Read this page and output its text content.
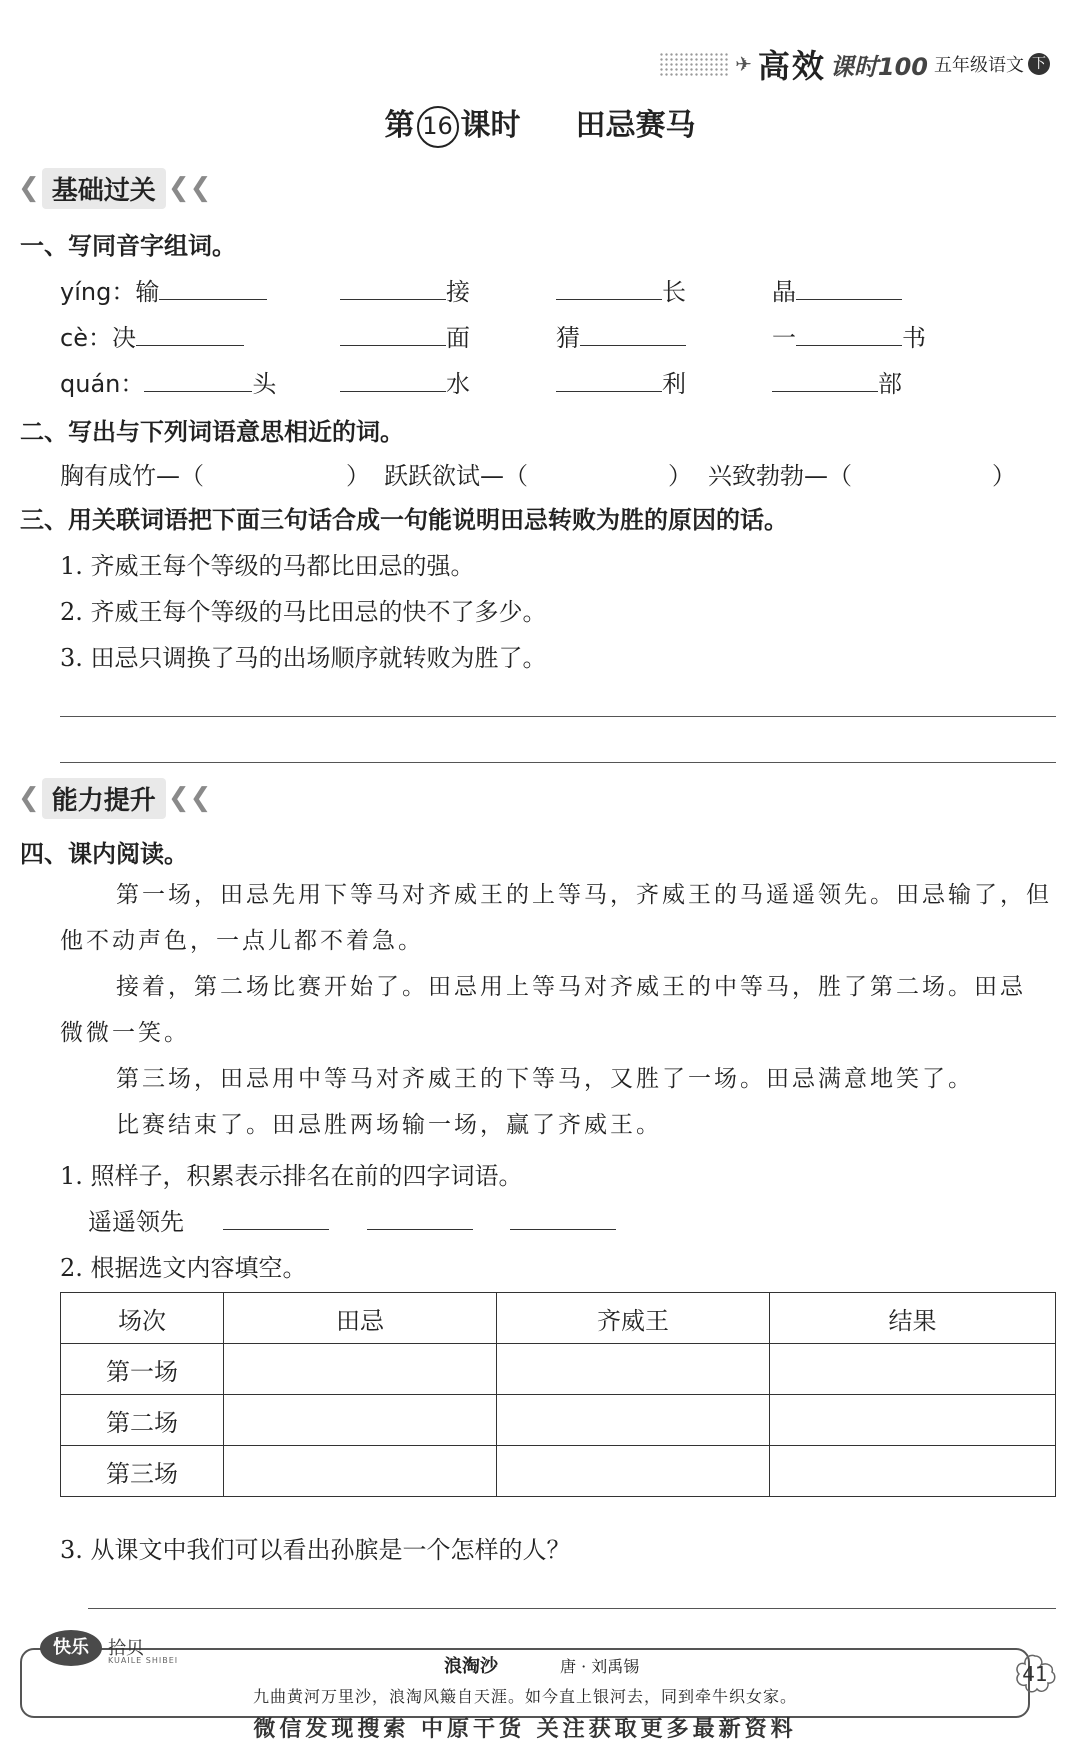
✈ 高效 课时100 五年级语文 下
第 16 课时 田忌赛马
❮ 基础过关 ❮❮
一、写同音字组词。
yíng：输	接	长	晶
cè：决	面	猜	一	书
quán：	头	水	利	部
二、写出与下列词语意思相近的词。
胸有成竹—（	） 跃跃欲试—（	） 兴致勃勃—（	）
三、用关联词语把下面三句话合成一句能说明田忌转败为胜的原因的话。
1. 齐威王每个等级的马都比田忌的强。
2. 齐威王每个等级的马比田忌的快不了多少。
3. 田忌只调换了马的出场顺序就转败为胜了。
❮ 能力提升 ❮❮
四、课内阅读。
第一场，田忌先用下等马对齐威王的上等马，齐威王的马遥遥领先。田忌输了，但
他不动声色，一点儿都不着急。
接着，第二场比赛开始了。田忌用上等马对齐威王的中等马，胜了第二场。田忌
微微一笑。
第三场，田忌用中等马对齐威王的下等马，又胜了一场。田忌满意地笑了。
比赛结束了。田忌胜两场输一场，赢了齐威王。
1. 照样子，积累表示排名在前的四字词语。
遥遥领先
2. 根据选文内容填空。
场次	田忌	齐威王	结果
第一场			
第二场			
第三场			
3. 从课文中我们可以看出孙膑是一个怎样的人？
快乐	拾贝
KUAILE SHIBEI	浪淘沙	唐 · 刘禹锡
九曲黄河万里沙，浪淘风簸自天涯。如今直上银河去，同到牵牛织女家。
微信发现搜索 中原干货 关注获取更多最新资料
41
